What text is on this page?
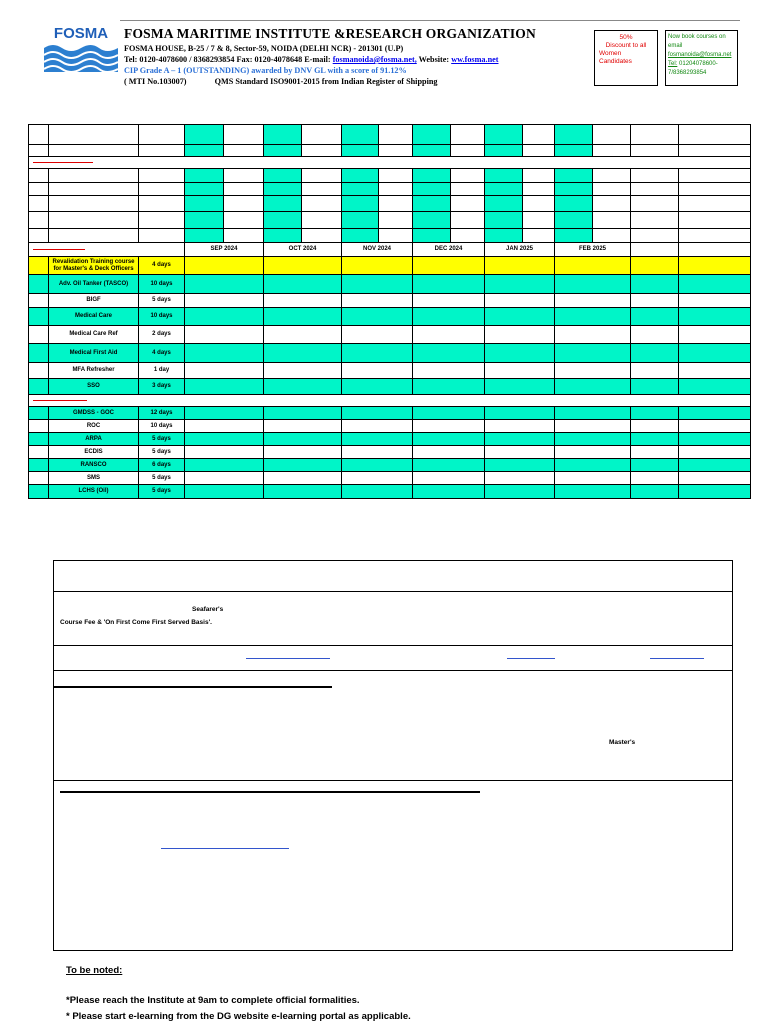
FOSMA FOSMA MARITIME INSTITUTE &RESEARCH ORGANIZATION
FOSMA HOUSE, B-25 / 7 & 8, Sector-59, NOIDA (DELHI NCR) - 201301 (U.P)
Tel: 0120-4078600 / 8368293854 Fax: 0120-4078648 E-mail: fosmanoida@fosma.net, Website: ww.fosma.net
CIP Grade A – 1 (OUTSTANDING) awarded by DNV GL with a score of 91.12%
( MTI No.103007)	QMS Standard ISO9001-2015 from Indian Register of Shipping
50%
Discount to all
Women
Candidates
Now book courses on
email
fosmanoida@fosma.net
Tel: 01204078600-
7/8368293854

			SEP 2024		OCT 2024		NOV 2024		DEC 2024		JAN 2025		FEB 2025			
	Revalidation Training course for Master's & Deck Officers	4 days														
	Adv. Oil Tanker (TASCO)	10 days														
	BIGF	5 days														
	Medical Care	10 days														
	Medical Care Ref	2 days														
	Medical First Aid	4 days														
	MFA Refresher	1 day														
	SSO	3 days														

	GMDSS - GOC	12 days														
	ROC	10 days														
	ARPA	5 days														
	ECDIS	5 days														
	RANSCO	6 days														
	SMS	5 days														
	LCHS (Oil)	5 days														
Seafarer's
Course Fee & 'On First Come First Served Basis'.
Master's
To be noted:
*Please reach the Institute at 9am to complete official formalities.
* Please start e-learning from the DG website e-learning portal as applicable.
